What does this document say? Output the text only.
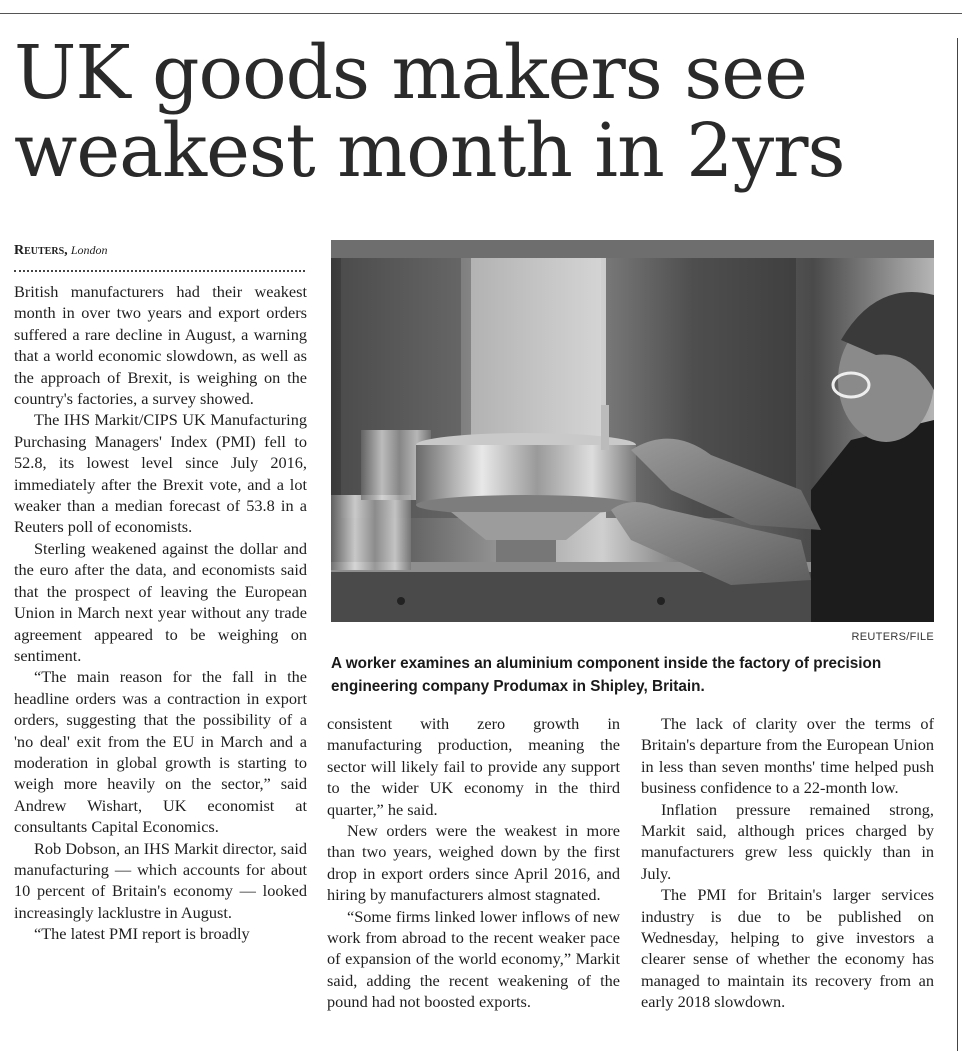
UK goods makers see weakest month in 2yrs
Reuters, London

British manufacturers had their weakest month in over two years and export orders suffered a rare decline in August, a warning that a world economic slowdown, as well as the approach of Brexit, is weighing on the country's factories, a survey showed.

The IHS Markit/CIPS UK Manufacturing Purchasing Managers' Index (PMI) fell to 52.8, its lowest level since July 2016, immediately after the Brexit vote, and a lot weaker than a median forecast of 53.8 in a Reuters poll of economists.

Sterling weakened against the dollar and the euro after the data, and economists said that the prospect of leaving the European Union in March next year without any trade agreement appeared to be weighing on sentiment.

“The main reason for the fall in the headline orders was a contraction in export orders, suggesting that the possibility of a 'no deal' exit from the EU in March and a moderation in global growth is starting to weigh more heavily on the sector,” said Andrew Wishart, UK economist at consultants Capital Economics.

Rob Dobson, an IHS Markit director, said manufacturing — which accounts for about 10 percent of Britain's economy — looked increasingly lacklustre in August.

“The latest PMI report is broadly

REUTERS/FILE

A worker examines an aluminium component inside the factory of precision engineering company Produmax in Shipley, Britain.

consistent with zero growth in manufacturing production, meaning the sector will likely fail to provide any support to the wider UK economy in the third quarter,” he said.

New orders were the weakest in more than two years, weighed down by the first drop in export orders since April 2016, and hiring by manufacturers almost stagnated.

“Some firms linked lower inflows of new work from abroad to the recent weaker pace of expansion of the world economy,” Markit said, adding the recent weakening of the pound had not boosted exports.

The lack of clarity over the terms of Britain's departure from the European Union in less than seven months' time helped push business confidence to a 22-month low.

Inflation pressure remained strong, Markit said, although prices charged by manufacturers grew less quickly than in July.

The PMI for Britain's larger services industry is due to be published on Wednesday, helping to give investors a clearer sense of whether the economy has managed to maintain its recovery from an early 2018 slowdown.
